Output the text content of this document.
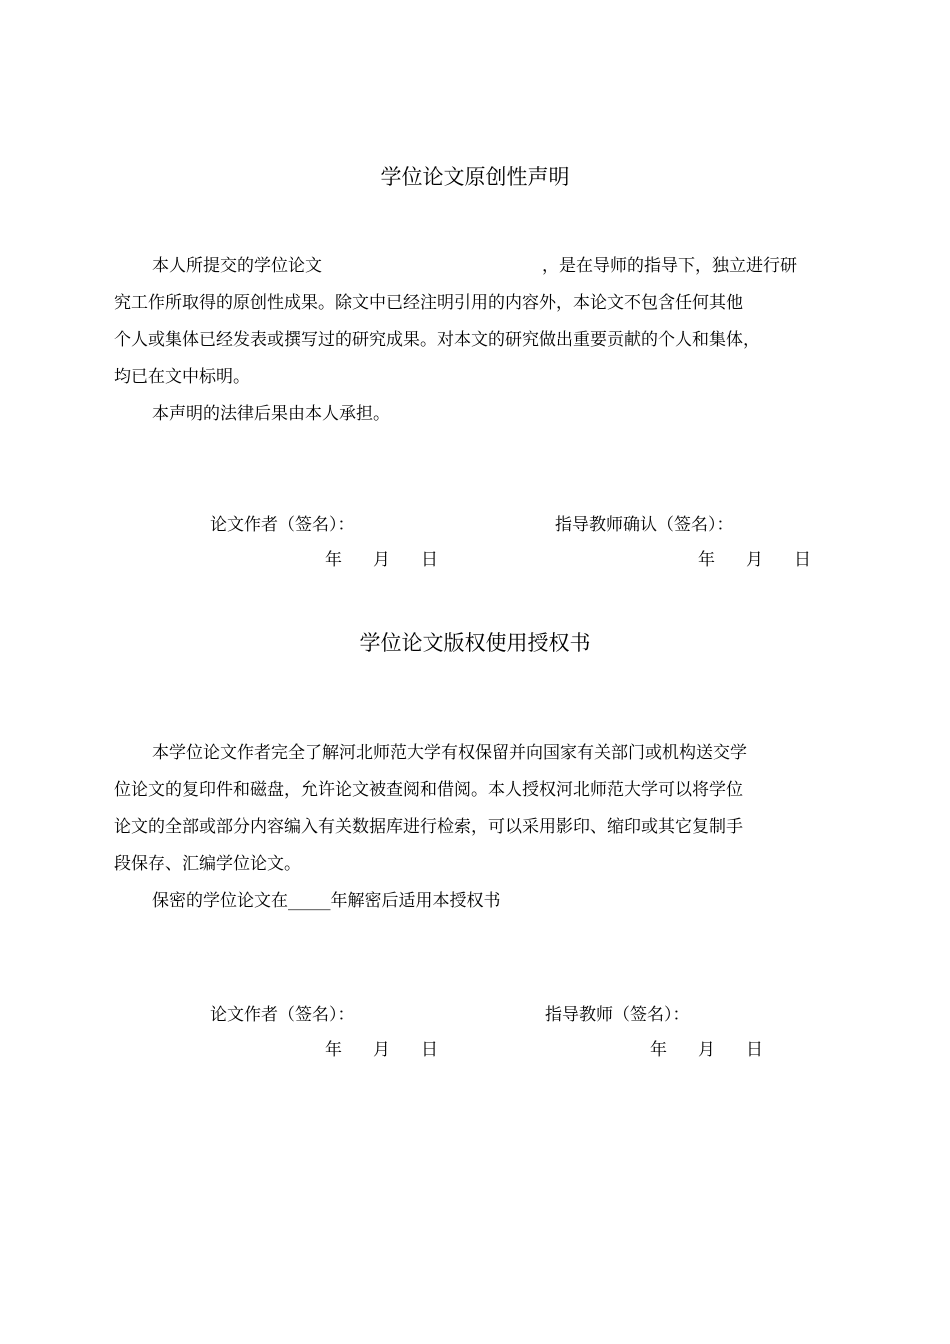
学位论文原创性声明
本人所提交的学位论文	，是在导师的指导下，独立进行研
究工作所取得的原创性成果。除文中已经注明引用的内容外，本论文不包含任何其他
个人或集体已经发表或撰写过的研究成果。对本文的研究做出重要贡献的个人和集体，
均已在文中标明。
本声明的法律后果由本人承担。
论文作者（签名）：	指导教师确认（签名）：
年 月 日	年 月 日
学位论文版权使用授权书
本学位论文作者完全了解河北师范大学有权保留并向国家有关部门或机构送交学
位论文的复印件和磁盘，允许论文被查阅和借阅。本人授权河北师范大学可以将学位
论文的全部或部分内容编入有关数据库进行检索，可以采用影印、缩印或其它复制手
段保存、汇编学位论文。
保密的学位论文在_____年解密后适用本授权书
论文作者（签名）：	指导教师（签名）：
年 月 日	年 月 日
